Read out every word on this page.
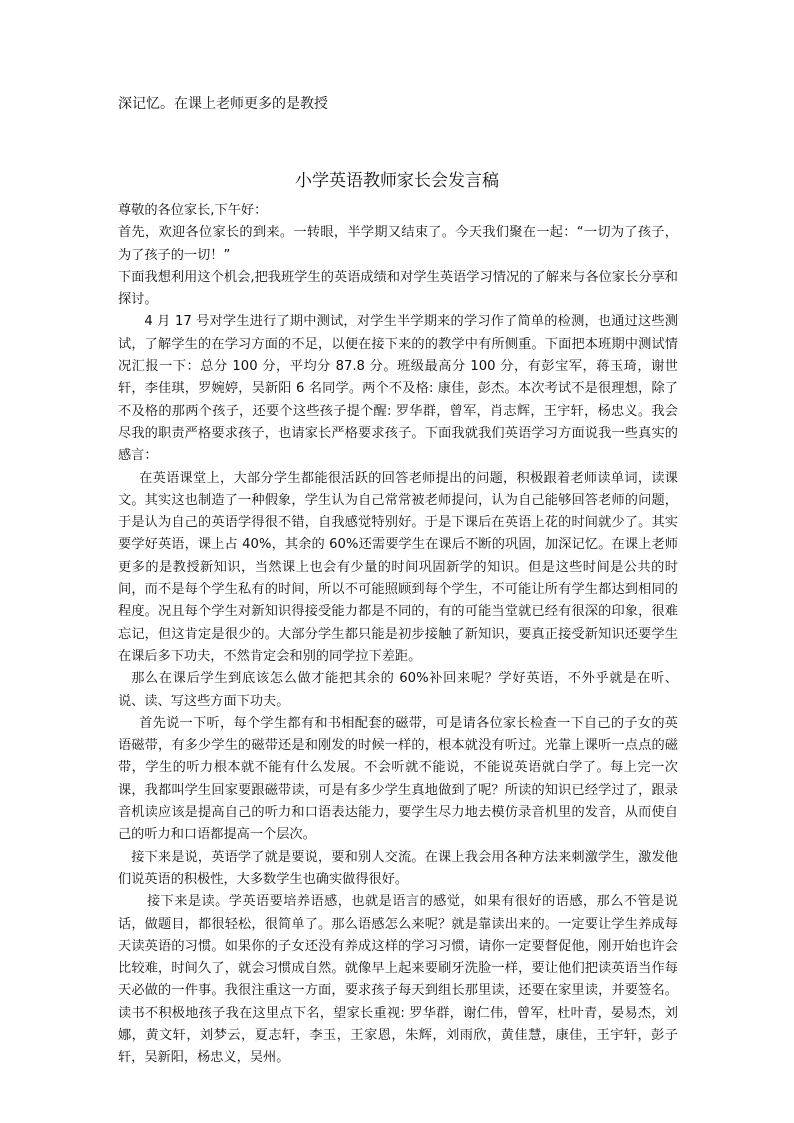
深记忆。在课上老师更多的是教授
小学英语教师家长会发言稿

尊敬的各位家长,下午好：

首先，欢迎各位家长的到来。一转眼，半学期又结束了。今天我们聚在一起：“一切为了孩子，为了孩子的一切！”

下面我想利用这个机会,把我班学生的英语成绩和对学生英语学习情况的了解来与各位家长分享和探讨。

4 月 17 号对学生进行了期中测试，对学生半学期来的学习作了简单的检测，也通过这些测试，了解学生的在学习方面的不足，以便在接下来的的教学中有所侧重。下面把本班期中测试情况汇报一下：总分 100 分，平均分 87.8 分。班级最高分 100 分，有彭宝军，蒋玉琦，谢世轩，李佳琪，罗婉婷，吴新阳 6 名同学。两个不及格: 康佳，彭杰。本次考试不是很理想，除了不及格的那两个孩子，还要个这些孩子提个醒: 罗华群，曾军，肖志辉，王宇轩，杨忠义。我会尽我的职责严格要求孩子，也请家长严格要求孩子。下面我就我们英语学习方面说我一些真实的感言：

在英语课堂上，大部分学生都能很活跃的回答老师提出的问题，积极跟着老师读单词，读课文。其实这也制造了一种假象，学生认为自己常常被老师提问，认为自己能够回答老师的问题，于是认为自己的英语学得很不错，自我感觉特别好。于是下课后在英语上花的时间就少了。其实要学好英语，课上占 40%，其余的 60%还需要学生在课后不断的巩固，加深记忆。在课上老师更多的是教授新知识，当然课上也会有少量的时间巩固新学的知识。但是这些时间是公共的时间，而不是每个学生私有的时间，所以不可能照顾到每个学生，不可能让所有学生都达到相同的程度。况且每个学生对新知识得接受能力都是不同的，有的可能当堂就已经有很深的印象，很难忘记，但这肯定是很少的。大部分学生都只能是初步接触了新知识，要真正接受新知识还要学生在课后多下功夫，不然肯定会和别的同学拉下差距。

那么在课后学生到底该怎么做才能把其余的 60%补回来呢？学好英语，不外乎就是在听、说、读、写这些方面下功夫。

首先说一下听，每个学生都有和书相配套的磁带，可是请各位家长检查一下自己的子女的英语磁带，有多少学生的磁带还是和刚发的时候一样的，根本就没有听过。光靠上课听一点点的磁带，学生的听力根本就不能有什么发展。不会听就不能说，不能说英语就白学了。每上完一次课，我都叫学生回家要跟磁带读，可是有多少学生真地做到了呢？所读的知识已经学过了，跟录音机读应该是提高自己的听力和口语表达能力，要学生尽力地去模仿录音机里的发音，从而使自己的听力和口语都提高一个层次。

接下来是说，英语学了就是要说，要和别人交流。在课上我会用各种方法来刺激学生，激发他们说英语的积极性，大多数学生也确实做得很好。

接下来是读。学英语要培养语感，也就是语言的感觉，如果有很好的语感，那么不管是说话，做题目，都很轻松，很简单了。那么语感怎么来呢？就是靠读出来的。一定要让学生养成每天读英语的习惯。如果你的子女还没有养成这样的学习习惯，请你一定要督促他，刚开始也许会比较难，时间久了，就会习惯成自然。就像早上起来要刷牙洗脸一样，要让他们把读英语当作每天必做的一件事。我很注重这一方面，要求孩子每天到组长那里读，还要在家里读，并要签名。读书不积极地孩子我在这里点下名，望家长重视: 罗华群，谢仁伟，曾军，杜叶青，晏易杰，刘娜，黄文轩，刘梦云，夏志轩，李玉，王家恩，朱辉，刘雨欣，黄佳慧，康佳，王宇轩，彭子轩，吴新阳，杨忠义，吴州。
